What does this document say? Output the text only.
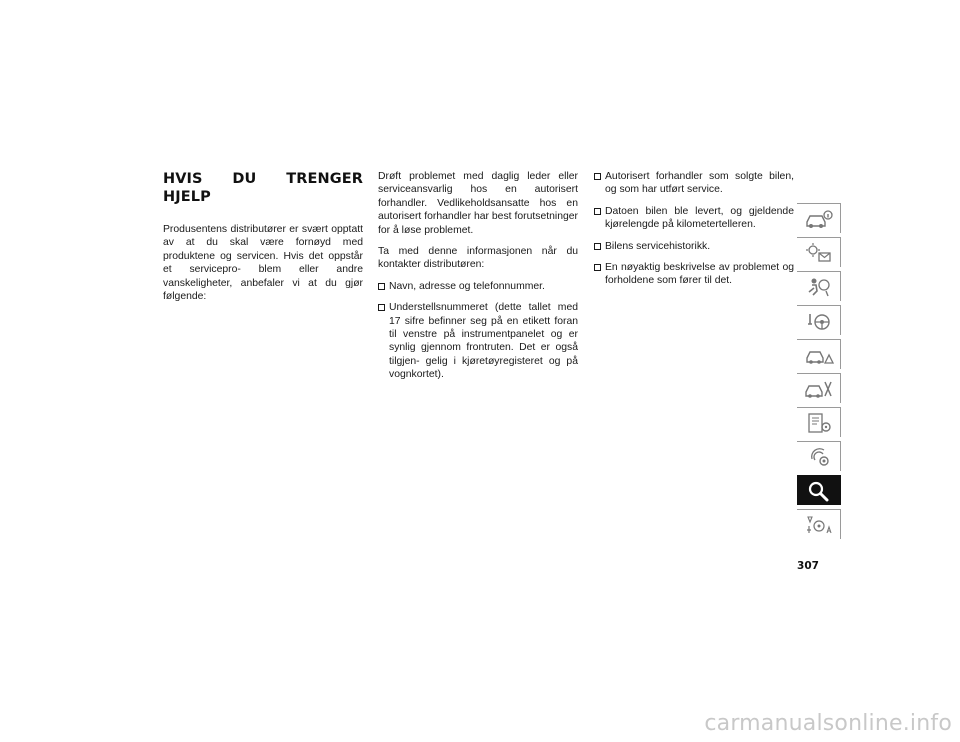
HVIS DU TRENGER HJELP

Produsentens distributører er svært opptatt av at du skal være fornøyd med produktene og servicen. Hvis det oppstår et servicepro- blem eller andre vanskeligheter, anbefaler vi at du gjør følgende:

Drøft problemet med daglig leder eller serviceansvarlig hos en autorisert forhandler. Vedlikeholdsansatte hos en autorisert forhandler har best forutsetninger for å løse problemet.

Ta med denne informasjonen når du kontakter distributøren:

Navn, adresse og telefonnummer.
Understellsnummeret (dette tallet med 17 sifre befinner seg på en etikett foran til venstre på instrumentpanelet og er synlig gjennom frontruten. Det er også tilgjen- gelig i kjøretøyregisteret og på vognkortet).
Autorisert forhandler som solgte bilen, og som har utført service.
Datoen bilen ble levert, og gjeldende kjørelengde på kilometertelleren.
Bilens servicehistorikk.
En nøyaktig beskrivelse av problemet og forholdene som fører til det.
307
carmanualsonline.info
